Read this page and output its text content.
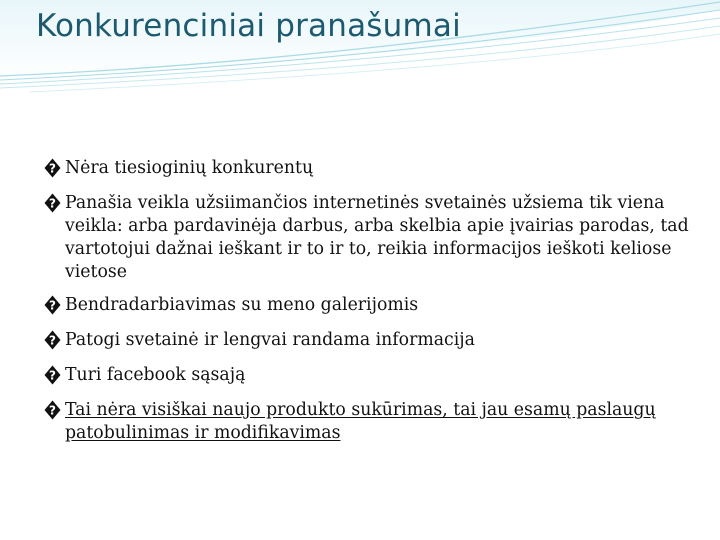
Konkurenciniai pranašumai
? Nėra tiesioginių konkurentų
? Panašia veikla užsiimančios internetinės svetainės užsiema tik viena veikla: arba pardavinėja darbus, arba skelbia apie įvairias parodas, tad vartotojui dažnai ieškant ir to ir to, reikia informacijos ieškoti keliose vietose
? Bendradarbiavimas su meno galerijomis
? Patogi svetainė ir lengvai randama informacija
? Turi facebook sąsają
? Tai nėra visiškai naujo produkto sukūrimas, tai jau esamų paslaugų patobulinimas ir modifikavimas
